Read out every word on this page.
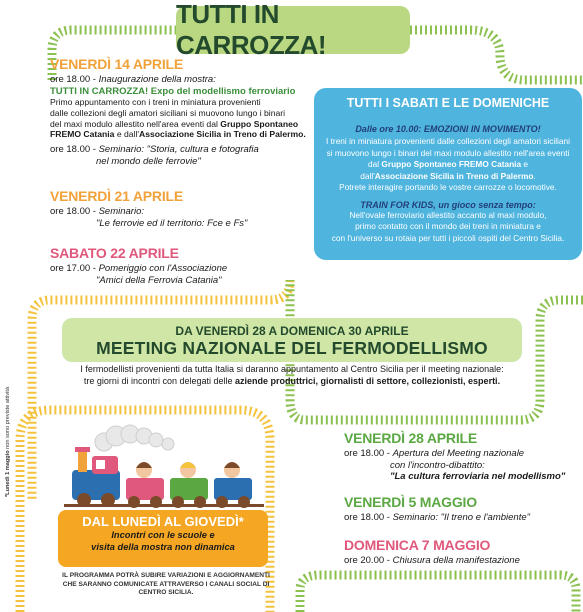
TUTTI IN CARROZZA!
VENERDÌ 14 APRILE
ore 18.00 - Inaugurazione della mostra:
TUTTI IN CARROZZA! Expo del modellismo ferroviario
Primo appuntamento con i treni in miniatura provenienti
dalle collezioni degli amatori siciliani si muovono lungo i binari
del maxi modulo allestito nell'area eventi dal Gruppo Spontaneo
FREMO Catania e dall'Associazione Sicilia in Treno di Palermo.
ore 18.00 - Seminario: "Storia, cultura e fotografia
nel mondo delle ferrovie"
VENERDÌ 21 APRILE
ore 18.00 - Seminario:
"Le ferrovie ed il territorio: Fce e Fs"
SABATO 22 APRILE
ore 17.00 - Pomeriggio con l'Associazione
"Amici della Ferrovia Catania"
TUTTI I SABATI E LE DOMENICHE
Dalle ore 10.00: EMOZIONI IN MOVIMENTO!
I treni in miniatura provenienti dalle collezioni degli amatori siciliani
si muovono lungo i binari del maxi modulo allestito nell'area eventi
dal Gruppo Spontaneo FREMO Catania e
dall'Associazione Sicilia in Treno di Palermo.
Potrete interagire portando le vostre carrozze o locomotive.
TRAIN FOR KIDS, un gioco senza tempo:
Nell'ovale ferroviario allestito accanto al maxi modulo,
primo contatto con il mondo dei treni in miniatura e
con l'universo su rotaia per tutti i piccoli ospiti del Centro Sicilia.
DA VENERDÌ 28 A DOMENICA 30 APRILE
MEETING NAZIONALE DEL FERMODELLISMO
I fermodellisti provenienti da tutta Italia si daranno appuntamento al Centro Sicilia per il meeting nazionale:
tre giorni di incontri con delegati delle aziende produttrici, giornalisti di settore, collezionisti, esperti.
DAL LUNEDÌ AL GIOVEDÌ*
Incontri con le scuole e
visita della mostra non dinamica
IL PROGRAMMA POTRÀ SUBIRE VARIAZIONI E AGGIORNAMENTI
CHE SARANNO COMUNICATE ATTRAVERSO I CANALI SOCIAL DI CENTRO SICILIA.
*Lunedì 1 maggio non sono previste attività	VENERDÌ 28 APRILE
ore 18.00 - Apertura del Meeting nazionale
con l'incontro-dibattito:
"La cultura ferroviaria nel modellismo"
VENERDÌ 5 MAGGIO
ore 18.00 - Seminario: "Il treno e l'ambiente"
DOMENICA 7 MAGGIO
ore 20.00 - Chiusura della manifestazione
